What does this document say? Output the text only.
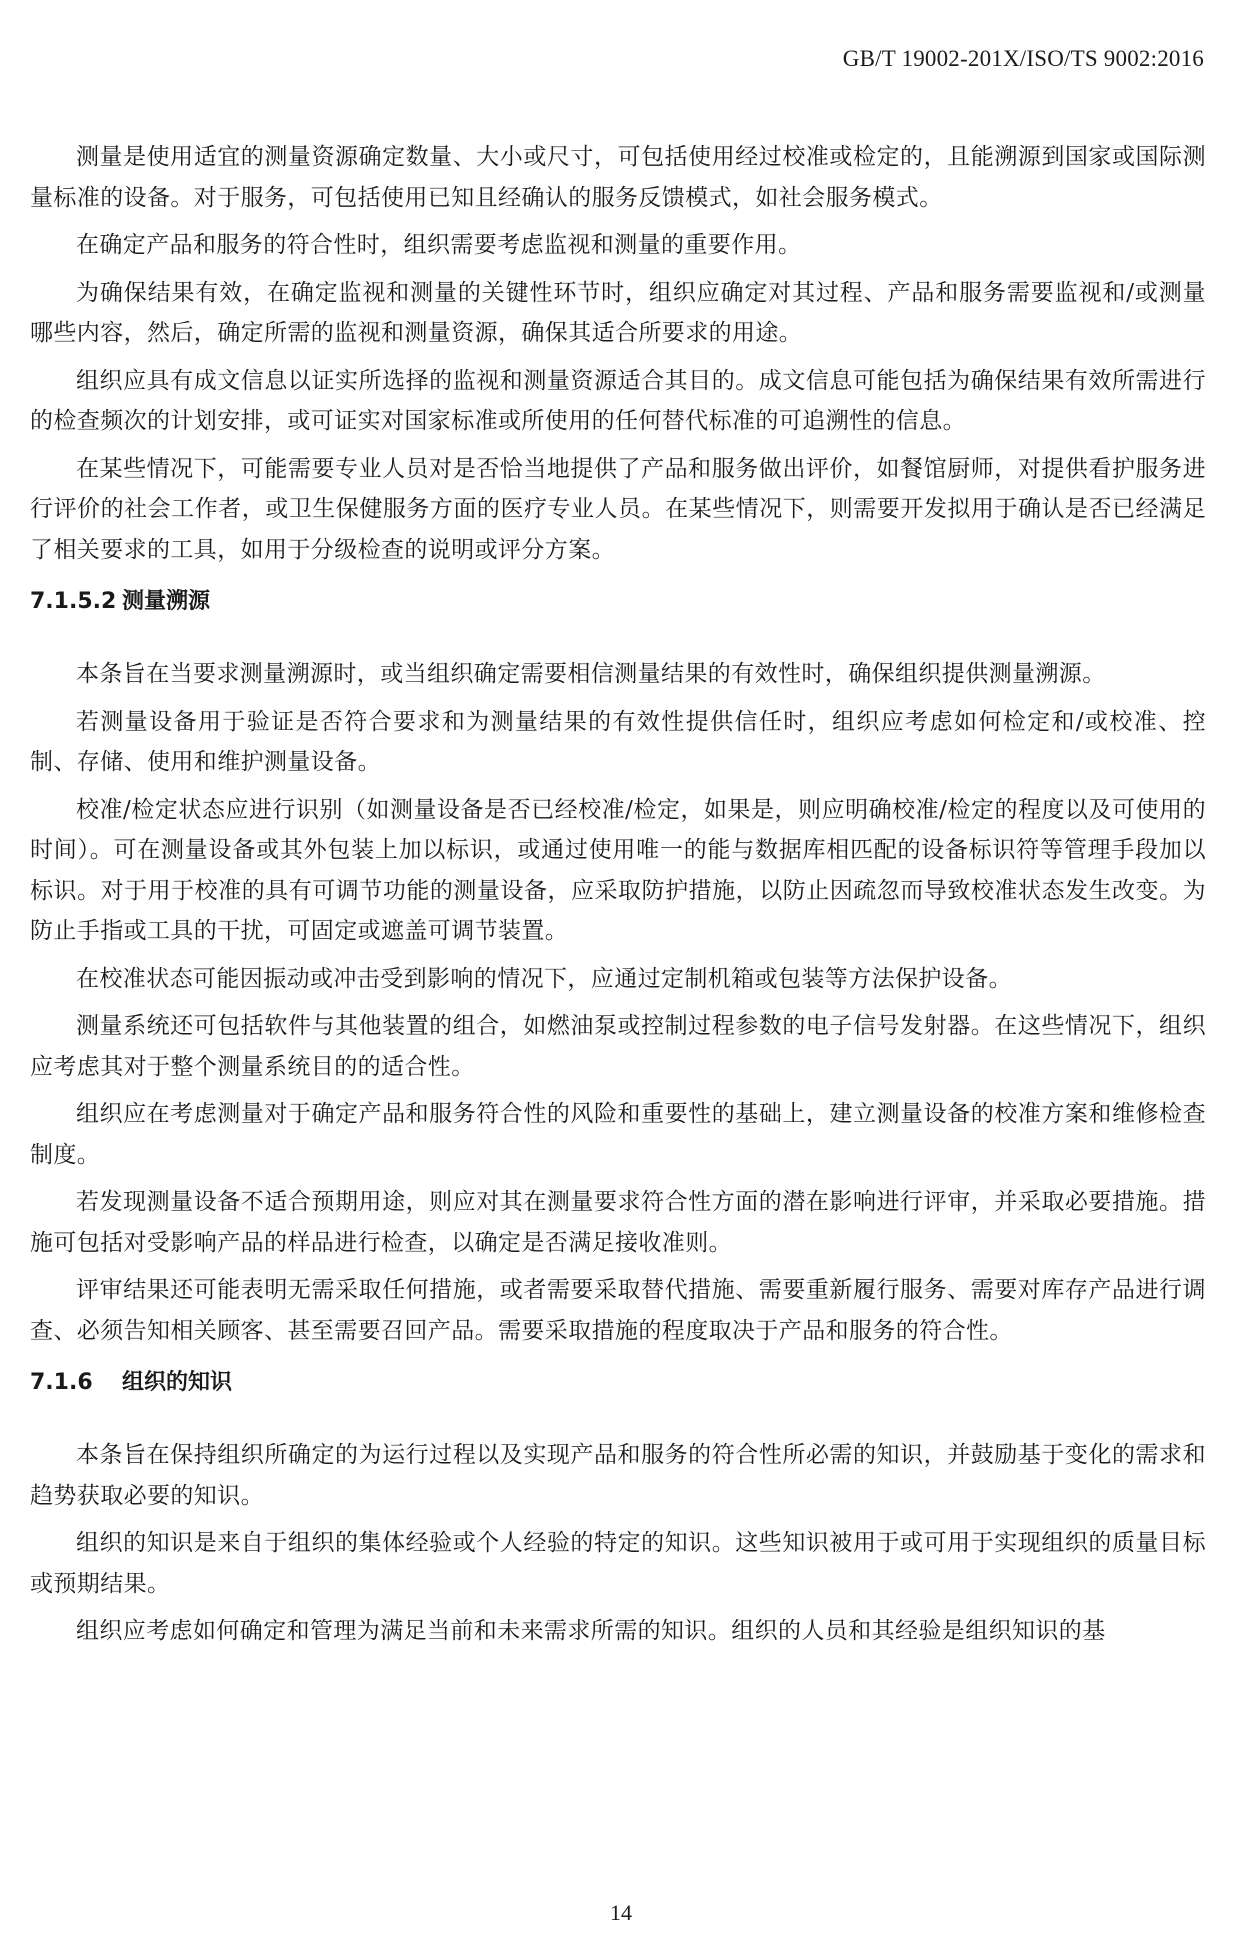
GB/T 19002-201X/ISO/TS 9002:2016

测量是使用适宜的测量资源确定数量、大小或尺寸，可包括使用经过校准或检定的，且能溯源到国家或国际测量标准的设备。对于服务，可包括使用已知且经确认的服务反馈模式，如社会服务模式。

在确定产品和服务的符合性时，组织需要考虑监视和测量的重要作用。

为确保结果有效，在确定监视和测量的关键性环节时，组织应确定对其过程、产品和服务需要监视和/或测量哪些内容，然后，确定所需的监视和测量资源，确保其适合所要求的用途。

组织应具有成文信息以证实所选择的监视和测量资源适合其目的。成文信息可能包括为确保结果有效所需进行的检查频次的计划安排，或可证实对国家标准或所使用的任何替代标准的可追溯性的信息。

在某些情况下，可能需要专业人员对是否恰当地提供了产品和服务做出评价，如餐馆厨师，对提供看护服务进行评价的社会工作者，或卫生保健服务方面的医疗专业人员。在某些情况下，则需要开发拟用于确认是否已经满足了相关要求的工具，如用于分级检查的说明或评分方案。

7.1.5.2 测量溯源

本条旨在当要求测量溯源时，或当组织确定需要相信测量结果的有效性时，确保组织提供测量溯源。

若测量设备用于验证是否符合要求和为测量结果的有效性提供信任时，组织应考虑如何检定和/或校准、控制、存储、使用和维护测量设备。

校准/检定状态应进行识别（如测量设备是否已经校准/检定，如果是，则应明确校准/检定的程度以及可使用的时间）。可在测量设备或其外包装上加以标识，或通过使用唯一的能与数据库相匹配的设备标识符等管理手段加以标识。对于用于校准的具有可调节功能的测量设备，应采取防护措施，以防止因疏忽而导致校准状态发生改变。为防止手指或工具的干扰，可固定或遮盖可调节装置。

在校准状态可能因振动或冲击受到影响的情况下，应通过定制机箱或包装等方法保护设备。

测量系统还可包括软件与其他装置的组合，如燃油泵或控制过程参数的电子信号发射器。在这些情况下，组织应考虑其对于整个测量系统目的的适合性。

组织应在考虑测量对于确定产品和服务符合性的风险和重要性的基础上，建立测量设备的校准方案和维修检查制度。

若发现测量设备不适合预期用途，则应对其在测量要求符合性方面的潜在影响进行评审，并采取必要措施。措施可包括对受影响产品的样品进行检查，以确定是否满足接收准则。

评审结果还可能表明无需采取任何措施，或者需要采取替代措施、需要重新履行服务、需要对库存产品进行调查、必须告知相关顾客、甚至需要召回产品。需要采取措施的程度取决于产品和服务的符合性。

7.1.6 组织的知识

本条旨在保持组织所确定的为运行过程以及实现产品和服务的符合性所必需的知识，并鼓励基于变化的需求和趋势获取必要的知识。

组织的知识是来自于组织的集体经验或个人经验的特定的知识。这些知识被用于或可用于实现组织的质量目标或预期结果。

组织应考虑如何确定和管理为满足当前和未来需求所需的知识。组织的人员和其经验是组织知识的基

14
